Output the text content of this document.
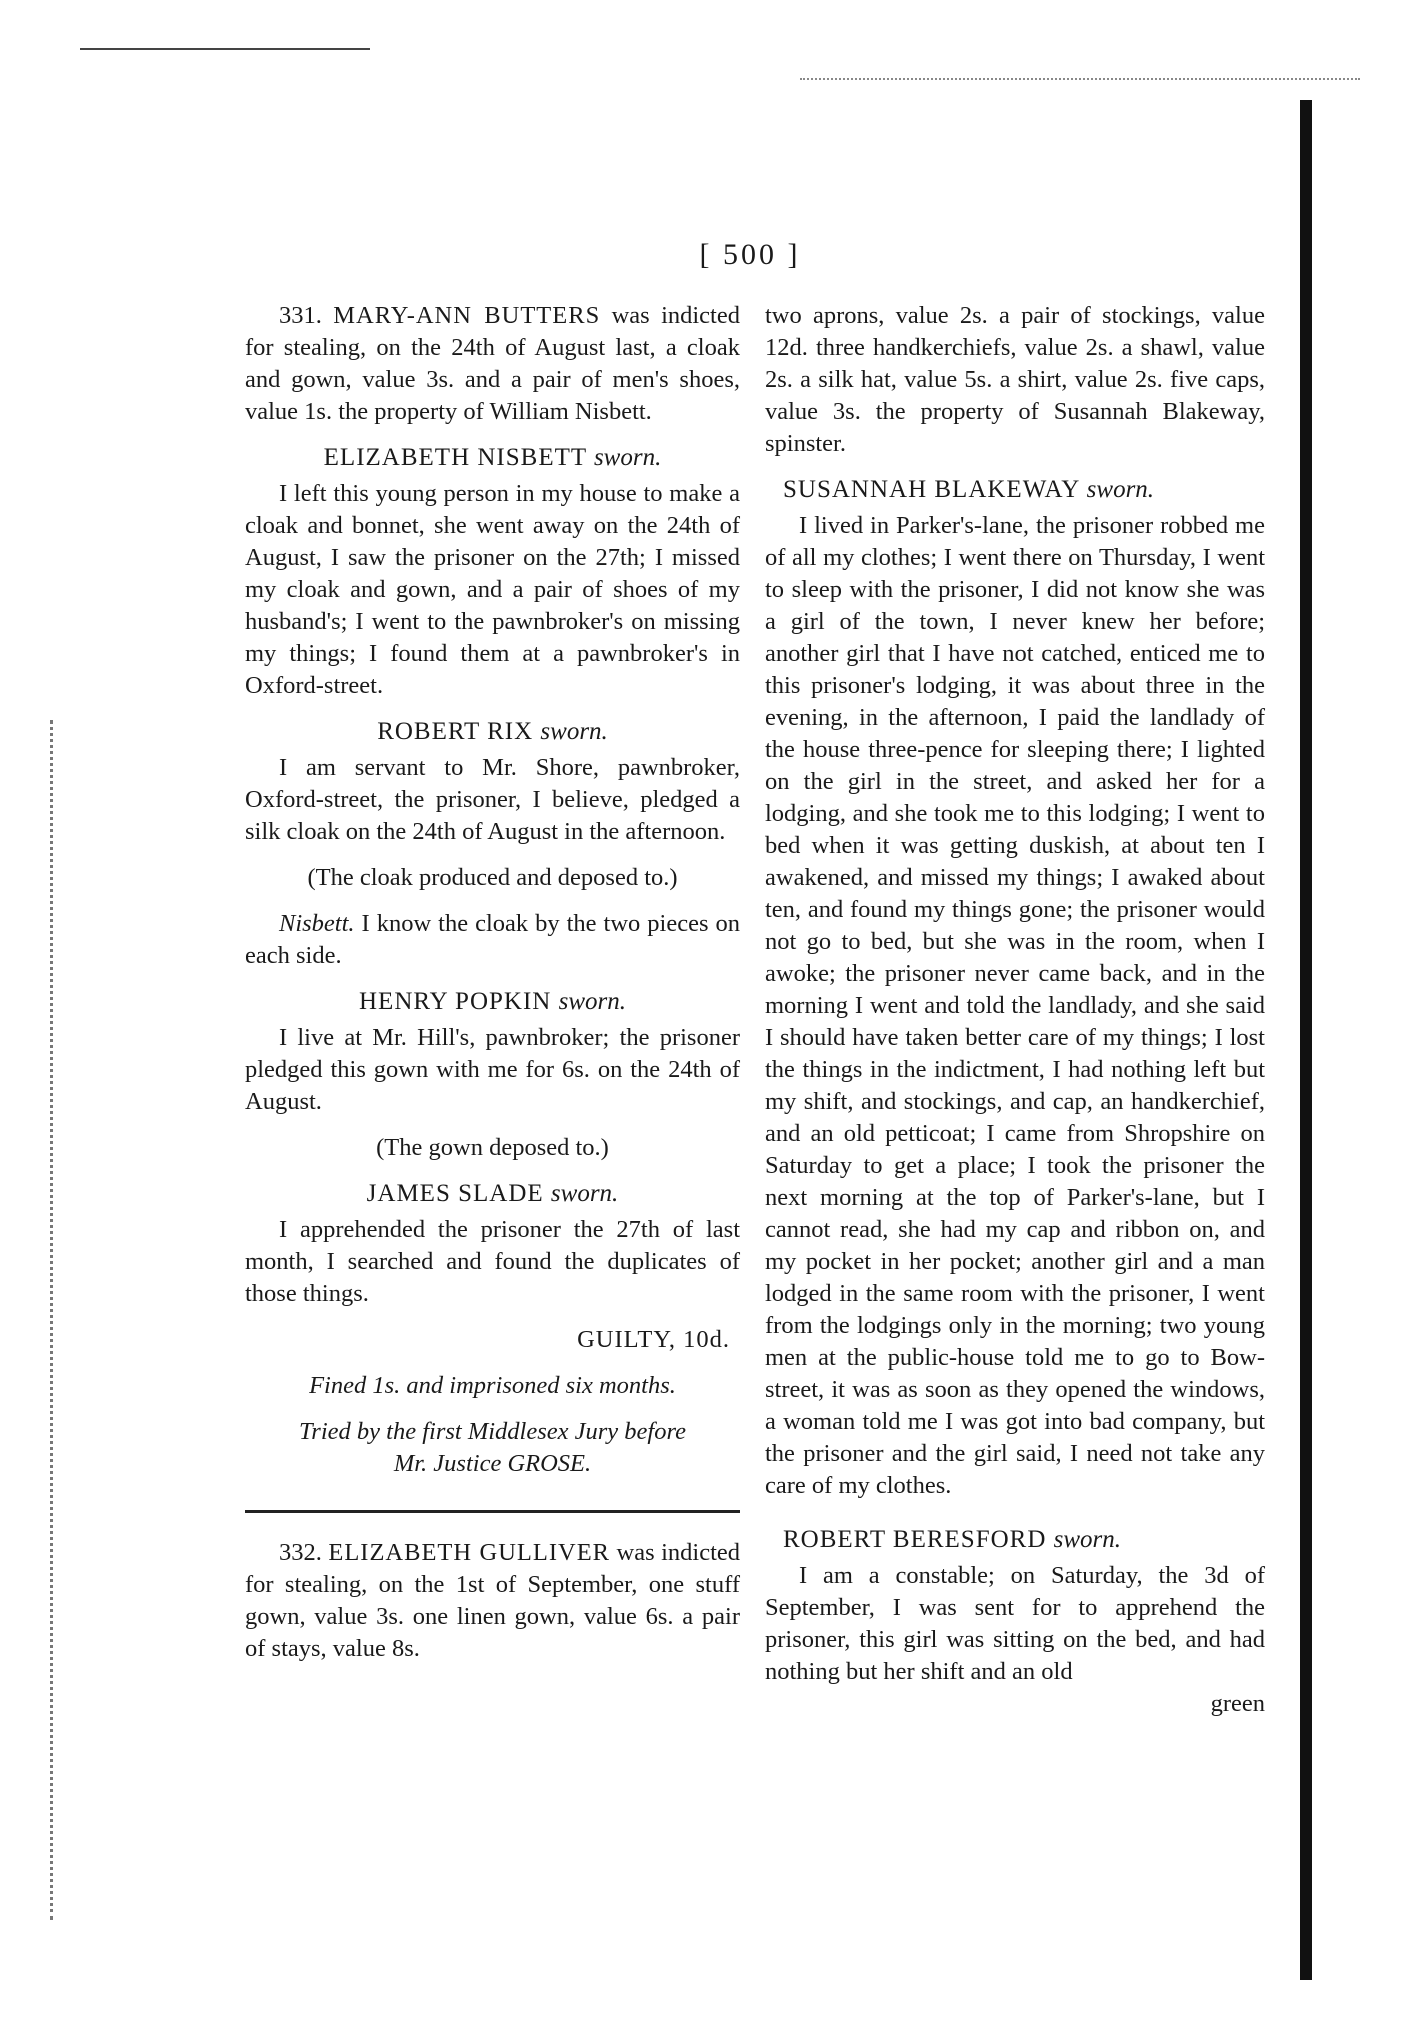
[ 500 ]

331. MARY-ANN BUTTERS was indicted for stealing, on the 24th of August last, a cloak and gown, value 3s. and a pair of men's shoes, value 1s. the property of William Nisbett.

ELIZABETH NISBETT sworn.

I left this young person in my house to make a cloak and bonnet, she went away on the 24th of August, I saw the prisoner on the 27th; I missed my cloak and gown, and a pair of shoes of my husband's; I went to the pawnbroker's on missing my things; I found them at a pawnbroker's in Oxford-street.

ROBERT RIX sworn.

I am servant to Mr. Shore, pawnbroker, Oxford-street, the prisoner, I believe, pledged a silk cloak on the 24th of August in the afternoon.

(The cloak produced and deposed to.)

Nisbett. I know the cloak by the two pieces on each side.

HENRY POPKIN sworn.

I live at Mr. Hill's, pawnbroker; the prisoner pledged this gown with me for 6s. on the 24th of August.

(The gown deposed to.)

JAMES SLADE sworn.

I apprehended the prisoner the 27th of last month, I searched and found the duplicates of those things.

GUILTY, 10d.

Fined 1s. and imprisoned six months.

Tried by the first Middlesex Jury before
Mr. Justice GROSE.

332. ELIZABETH GULLIVER was indicted for stealing, on the 1st of September, one stuff gown, value 3s. one linen gown, value 6s. a pair of stays, value 8s.

two aprons, value 2s. a pair of stockings, value 12d. three handkerchiefs, value 2s. a shawl, value 2s. a silk hat, value 5s. a shirt, value 2s. five caps, value 3s. the property of Susannah Blakeway, spinster.

SUSANNAH BLAKEWAY sworn.

I lived in Parker's-lane, the prisoner robbed me of all my clothes; I went there on Thursday, I went to sleep with the prisoner, I did not know she was a girl of the town, I never knew her before; another girl that I have not catched, enticed me to this prisoner's lodging, it was about three in the evening, in the afternoon, I paid the landlady of the house three-pence for sleeping there; I lighted on the girl in the street, and asked her for a lodging, and she took me to this lodging; I went to bed when it was getting duskish, at about ten I awakened, and missed my things; I awaked about ten, and found my things gone; the prisoner would not go to bed, but she was in the room, when I awoke; the prisoner never came back, and in the morning I went and told the landlady, and she said I should have taken better care of my things; I lost the things in the indictment, I had nothing left but my shift, and stockings, and cap, an handkerchief, and an old petticoat; I came from Shropshire on Saturday to get a place; I took the prisoner the next morning at the top of Parker's-lane, but I cannot read, she had my cap and ribbon on, and my pocket in her pocket; another girl and a man lodged in the same room with the prisoner, I went from the lodgings only in the morning; two young men at the public-house told me to go to Bow-street, it was as soon as they opened the windows, a woman told me I was got into bad company, but the prisoner and the girl said, I need not take any care of my clothes.

ROBERT BERESFORD sworn.

I am a constable; on Saturday, the 3d of September, I was sent for to apprehend the prisoner, this girl was sitting on the bed, and had nothing but her shift and an old

green
